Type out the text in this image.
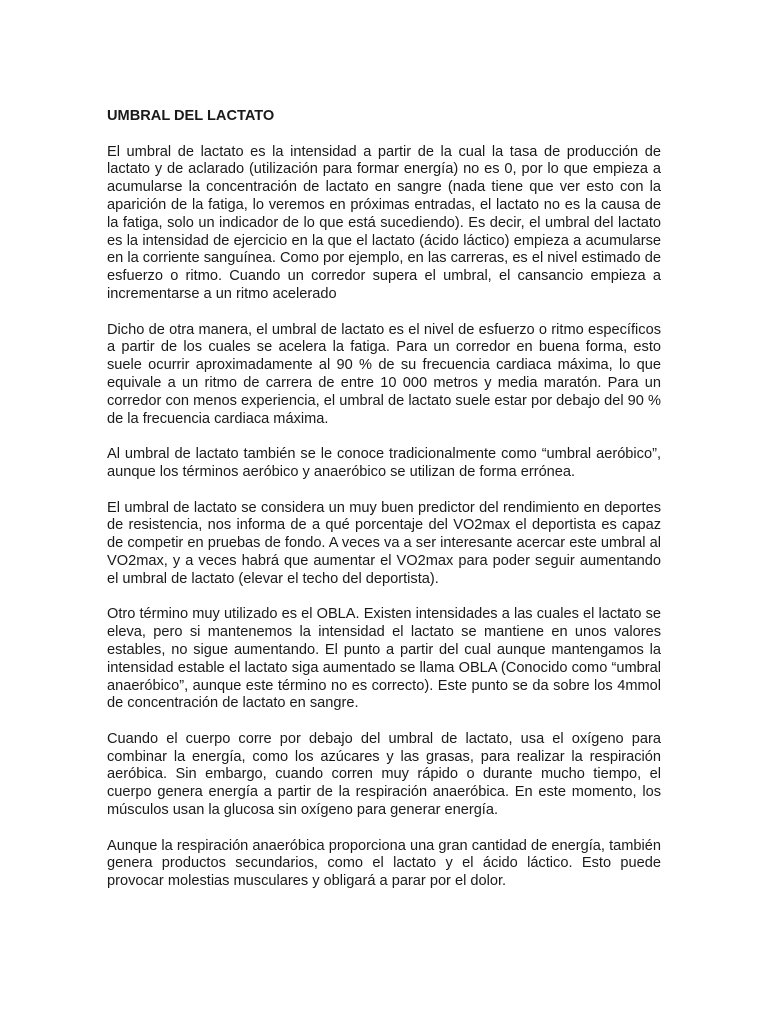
UMBRAL DEL LACTATO

El umbral de lactato es la intensidad a partir de la cual la tasa de producción de lactato y de aclarado (utilización para formar energía) no es 0, por lo que empieza a acumularse la concentración de lactato en sangre (nada tiene que ver esto con la aparición de la fatiga, lo veremos en próximas entradas, el lactato no es la causa de la fatiga, solo un indicador de lo que está sucediendo). Es decir, el umbral del lactato es la intensidad de ejercicio en la que el lactato (ácido láctico) empieza a acumularse en la corriente sanguínea. Como por ejemplo, en las carreras, es el nivel estimado de esfuerzo o ritmo. Cuando un corredor supera el umbral, el cansancio empieza a incrementarse a un ritmo acelerado

Dicho de otra manera, el umbral de lactato es el nivel de esfuerzo o ritmo específicos a partir de los cuales se acelera la fatiga. Para un corredor en buena forma, esto suele ocurrir aproximadamente al 90 % de su frecuencia cardiaca máxima, lo que equivale a un ritmo de carrera de entre 10 000 metros y media maratón. Para un corredor con menos experiencia, el umbral de lactato suele estar por debajo del 90 % de la frecuencia cardiaca máxima.

Al umbral de lactato también se le conoce tradicionalmente como “umbral aeróbico”, aunque los términos aeróbico y anaeróbico se utilizan de forma errónea.

El umbral de lactato se considera un muy buen predictor del rendimiento en deportes de resistencia, nos informa de a qué porcentaje del VO2max el deportista es capaz de competir en pruebas de fondo. A veces va a ser interesante acercar este umbral al VO2max, y a veces habrá que aumentar el VO2max para poder seguir aumentando el umbral de lactato (elevar el techo del deportista).

Otro término muy utilizado es el OBLA. Existen intensidades a las cuales el lactato se eleva, pero si mantenemos la intensidad el lactato se mantiene en unos valores estables, no sigue aumentando. El punto a partir del cual aunque mantengamos la intensidad estable el lactato siga aumentado se llama OBLA (Conocido como “umbral anaeróbico”, aunque este término no es correcto). Este punto se da sobre los 4mmol de concentración de lactato en sangre.

Cuando el cuerpo corre por debajo del umbral de lactato, usa el oxígeno para combinar la energía, como los azúcares y las grasas, para realizar la respiración aeróbica. Sin embargo, cuando corren muy rápido o durante mucho tiempo, el cuerpo genera energía a partir de la respiración anaeróbica. En este momento, los músculos usan la glucosa sin oxígeno para generar energía.

Aunque la respiración anaeróbica proporciona una gran cantidad de energía, también genera productos secundarios, como el lactato y el ácido láctico. Esto puede provocar molestias musculares y obligará a parar por el dolor.
